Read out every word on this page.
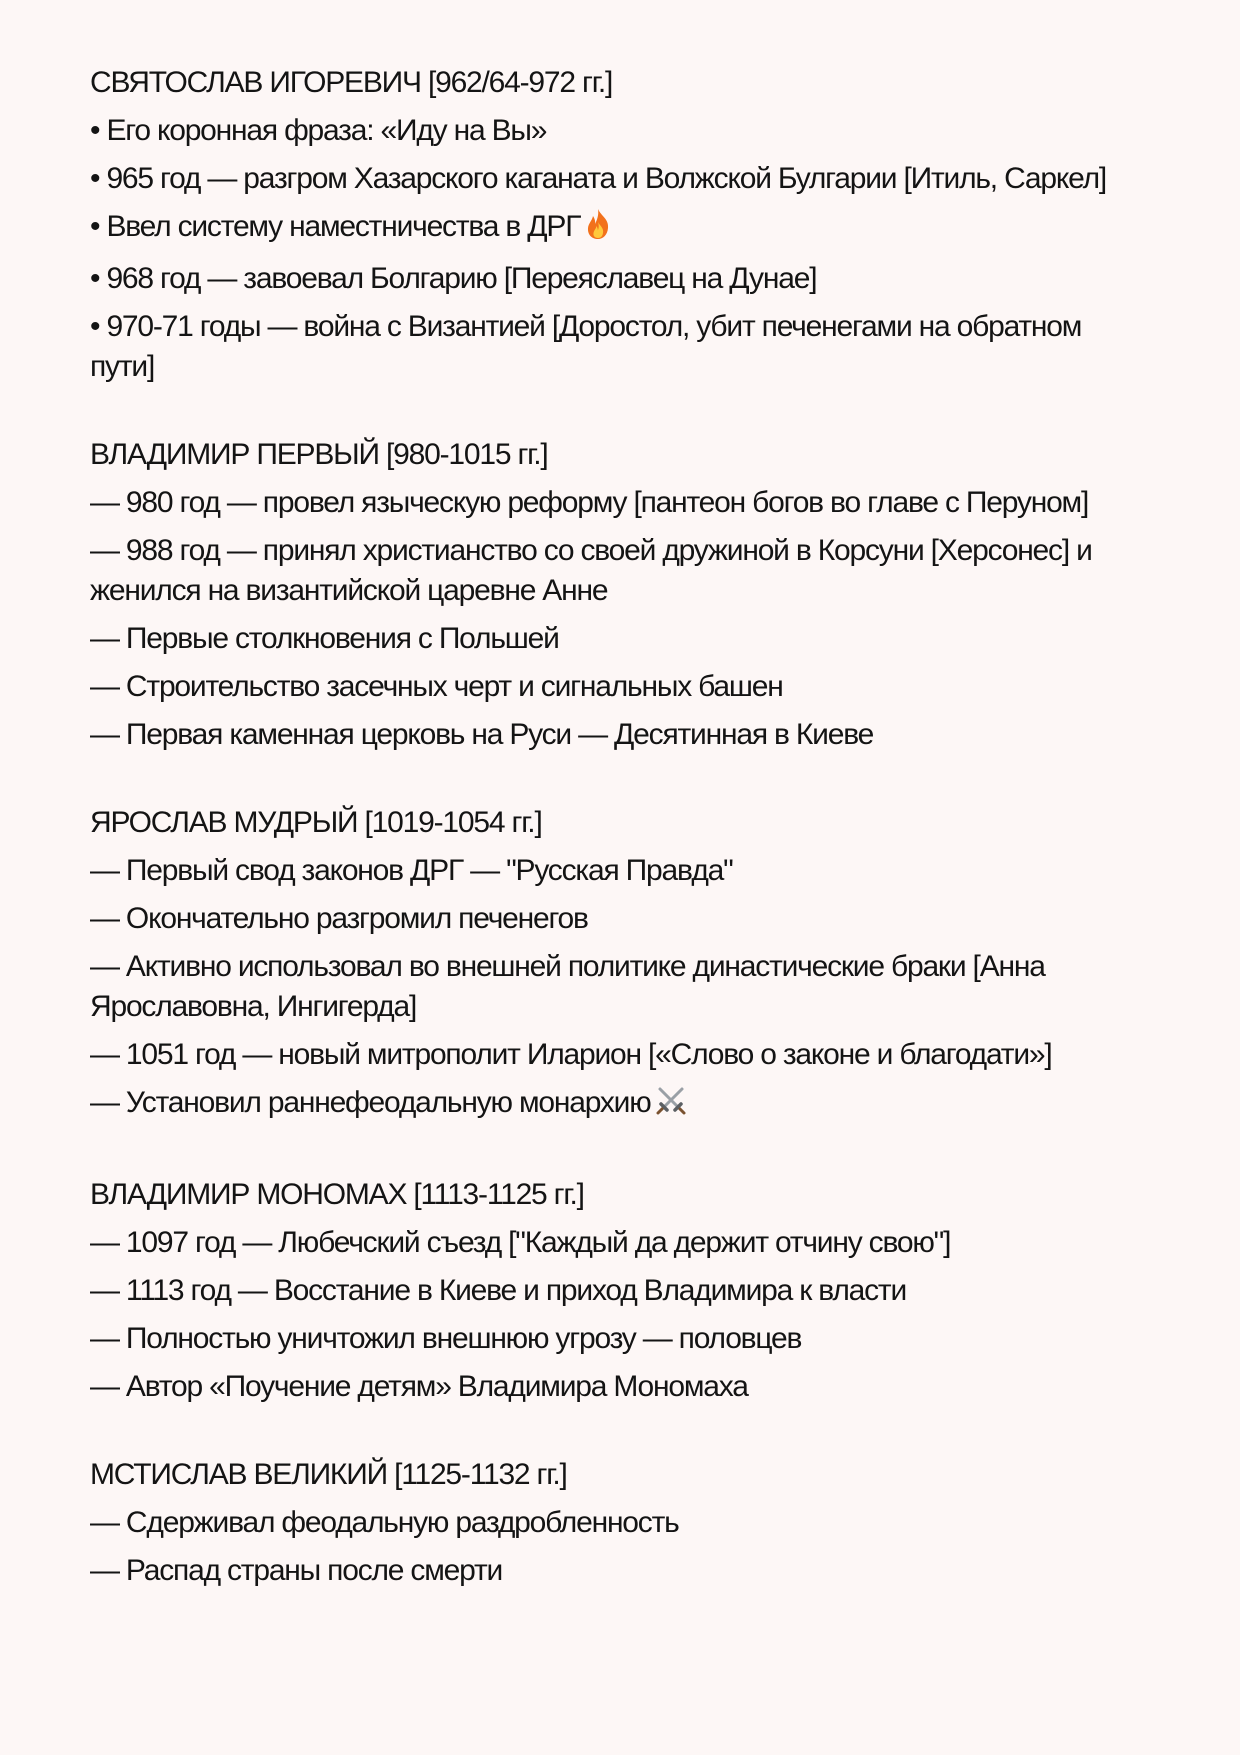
СВЯТОСЛАВ ИГОРЕВИЧ [962/64-972 гг.]
• Его коронная фраза: «Иду на Вы»
• 965 год — разгром Хазарского каганата и Волжской Булгарии [Итиль, Саркел]
• Ввел систему наместничества в ДРГ
• 968 год — завоевал Болгарию [Переяславец на Дунае]
• 970-71 годы — война с Византией [Доростол, убит печенегами на обратном пути]
ВЛАДИМИР ПЕРВЫЙ [980-1015 гг.]
— 980 год — провел языческую реформу [пантеон богов во главе с Перуном]
— 988 год — принял христианство со своей дружиной в Корсуни [Херсонес] и женился на византийской царевне Анне
— Первые столкновения с Польшей
— Строительство засечных черт и сигнальных башен
— Первая каменная церковь на Руси — Десятинная в Киеве
ЯРОСЛАВ МУДРЫЙ [1019-1054 гг.]
— Первый свод законов ДРГ — "Русская Правда"
— Окончательно разгромил печенегов
— Активно использовал во внешней политике династические браки [Анна Ярославовна, Ингигерда]
— 1051 год — новый митрополит Иларион [«Слово о законе и благодати»]
— Установил раннефеодальную монархию
ВЛАДИМИР МОНОМАХ [1113-1125 гг.]
— 1097 год — Любечский съезд ["Каждый да держит отчину свою"]
— 1113 год — Восстание в Киеве и приход Владимира к власти
— Полностью уничтожил внешнюю угрозу — половцев
— Автор «Поучение детям» Владимира Мономаха
МСТИСЛАВ ВЕЛИКИЙ [1125-1132 гг.]
— Сдерживал феодальную раздробленность
— Распад страны после смерти
